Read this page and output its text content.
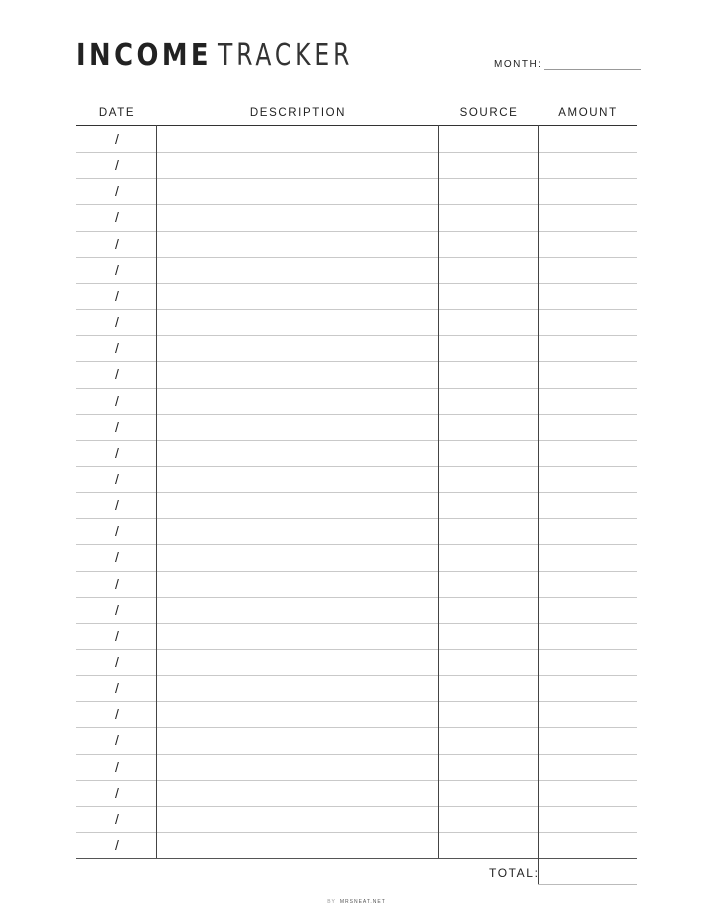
INCOME TRACKER	MONTH:
DATE	DESCRIPTION	SOURCE	AMOUNT
/
/
/
/
/
/
/
/
/
/
/
/
/
/
/
/
/
/
/
/
/
/
/
/
/
/
/
/
TOTAL:
BY MRSNEAT.NET
